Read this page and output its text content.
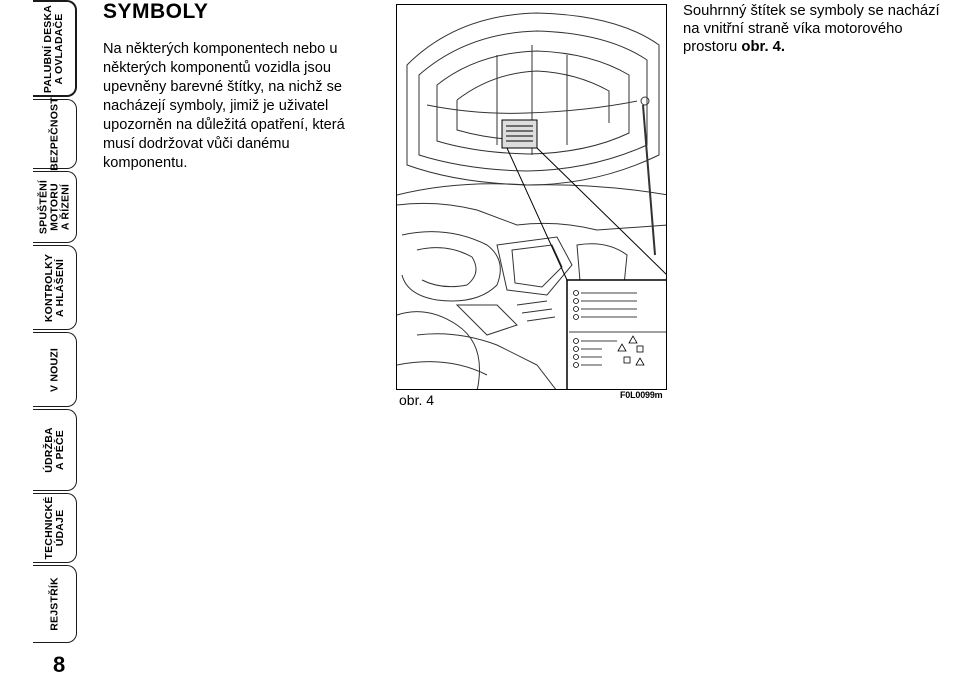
PALUBNÍ DESKA
A OVLADAČE
BEZPEČNOST
SPUŠTĚNÍ
MOTORU
A ŘÍZENÍ
KONTROLKY
A HLÁŠENÍ
V NOUZI
ÚDRŽBA
A PÉČE
TECHNICKÉ
ÚDAJE
REJSTŘÍK
8
SYMBOLY
Na některých komponentech nebo u některých komponentů vozidla jsou upevněny barevné štítky, na nichž se nacházejí symboly, jimiž je uživatel upozorněn na důležitá opatření, která musí dodržovat vůči danému komponentu.
obr. 4	F0L0099m
Souhrnný štítek se symboly se nachází na vnitřní straně víka motorového prostoru obr. 4.
